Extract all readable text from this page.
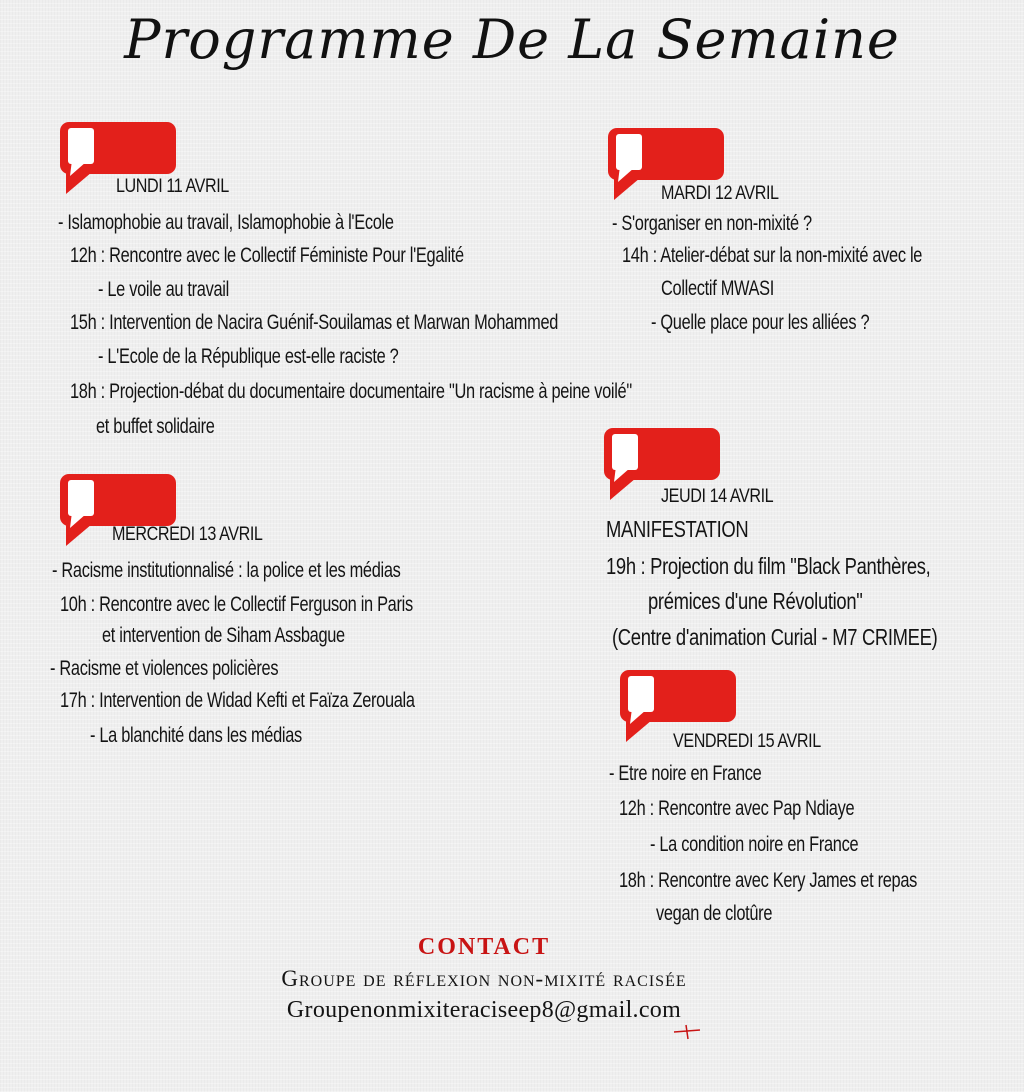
Programme De La Semaine
LUNDI 11 AVRIL
- Islamophobie au travail, Islamophobie à l'Ecole
12h : Rencontre avec le Collectif Féministe Pour l'Egalité
- Le voile au travail
15h : Intervention de Nacira Guénif-Souilamas et Marwan Mohammed
- L'Ecole de la République est-elle raciste ?
18h : Projection-débat du documentaire documentaire "Un racisme à peine voilé"
et buffet solidaire
MARDI 12 AVRIL
- S'organiser en non-mixité ?
14h : Atelier-débat sur la non-mixité avec le
Collectif MWASI
- Quelle place pour les alliées ?
MERCREDI 13 AVRIL
- Racisme institutionnalisé : la police et les médias
10h : Rencontre avec le Collectif Ferguson in Paris
et intervention de Siham Assbague
- Racisme et violences policières
17h : Intervention de Widad Kefti et Faïza Zerouala
- La blanchité dans les médias
JEUDI 14 AVRIL
MANIFESTATION
19h : Projection du film "Black Panthères,
prémices d'une Révolution"
(Centre d'animation Curial - M7 CRIMEE)
VENDREDI 15 AVRIL
- Etre noire en France
12h : Rencontre avec Pap Ndiaye
- La condition noire en France
18h : Rencontre avec Kery James et repas
vegan de clotûre
CONTACT
Groupe de réflexion non-mixité racisée
Groupenonmixiteraciseep8@gmail.com
